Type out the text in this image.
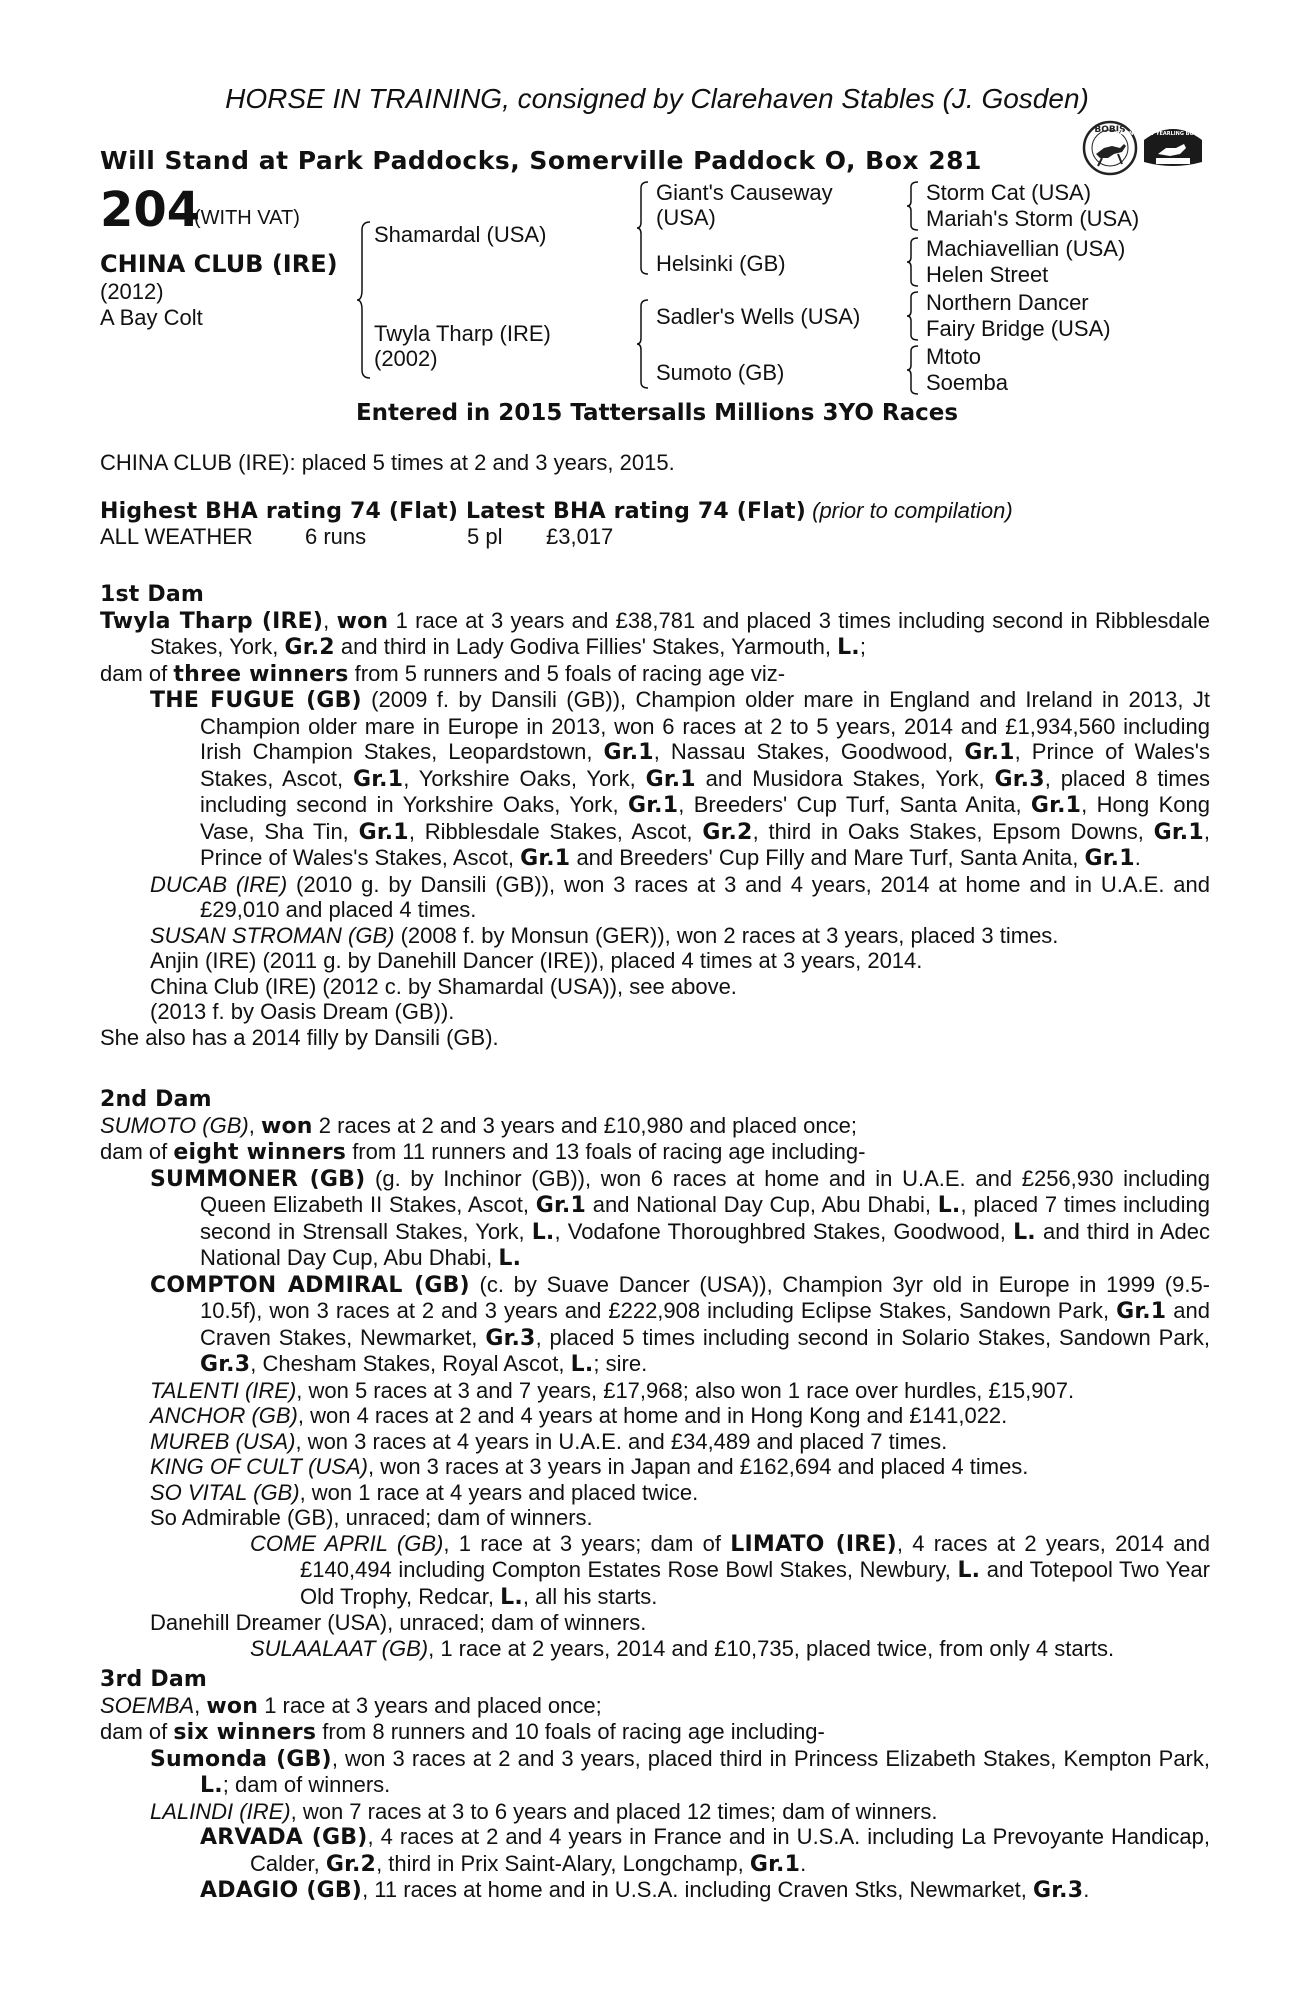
HORSE IN TRAINING, consigned by Clarehaven Stables (J. Gosden)
Will Stand at Park Paddocks, Somerville Paddock O, Box 281
BOBIS
RACING POST YEARLING BONUS £10,000
204
(WITH VAT)
CHINA CLUB (IRE)
(2012)
A Bay Colt
Shamardal (USA)
Twyla Tharp (IRE)
(2002)
Giant's Causeway
(USA)
Helsinki (GB)
Sadler's Wells (USA)
Sumoto (GB)
Storm Cat (USA)
Mariah's Storm (USA)
Machiavellian (USA)
Helen Street
Northern Dancer
Fairy Bridge (USA)
Mtoto
Soemba
Entered in 2015 Tattersalls Millions 3YO Races
CHINA CLUB (IRE): placed 5 times at 2 and 3 years, 2015.
Highest BHA rating 74 (Flat) Latest BHA rating 74 (Flat) (prior to compilation)
ALL WEATHER 6 runs	5 pl £3,017
1st Dam
Twyla Tharp (IRE), won 1 race at 3 years and £38,781 and placed 3 times including second in Ribblesdale Stakes, York, Gr.2 and third in Lady Godiva Fillies' Stakes, Yarmouth, L.;
dam of three winners from 5 runners and 5 foals of racing age viz-
THE FUGUE (GB) (2009 f. by Dansili (GB)), Champion older mare in England and Ireland in 2013, Jt Champion older mare in Europe in 2013, won 6 races at 2 to 5 years, 2014 and £1,934,560 including Irish Champion Stakes, Leopardstown, Gr.1, Nassau Stakes, Goodwood, Gr.1, Prince of Wales's Stakes, Ascot, Gr.1, Yorkshire Oaks, York, Gr.1 and Musidora Stakes, York, Gr.3, placed 8 times including second in Yorkshire Oaks, York, Gr.1, Breeders' Cup Turf, Santa Anita, Gr.1, Hong Kong Vase, Sha Tin, Gr.1, Ribblesdale Stakes, Ascot, Gr.2, third in Oaks Stakes, Epsom Downs, Gr.1, Prince of Wales's Stakes, Ascot, Gr.1 and Breeders' Cup Filly and Mare Turf, Santa Anita, Gr.1.
DUCAB (IRE) (2010 g. by Dansili (GB)), won 3 races at 3 and 4 years, 2014 at home and in U.A.E. and £29,010 and placed 4 times.
SUSAN STROMAN (GB) (2008 f. by Monsun (GER)), won 2 races at 3 years, placed 3 times.
Anjin (IRE) (2011 g. by Danehill Dancer (IRE)), placed 4 times at 3 years, 2014.
China Club (IRE) (2012 c. by Shamardal (USA)), see above.
(2013 f. by Oasis Dream (GB)).
She also has a 2014 filly by Dansili (GB).
2nd Dam
SUMOTO (GB), won 2 races at 2 and 3 years and £10,980 and placed once;
dam of eight winners from 11 runners and 13 foals of racing age including-
SUMMONER (GB) (g. by Inchinor (GB)), won 6 races at home and in U.A.E. and £256,930 including Queen Elizabeth II Stakes, Ascot, Gr.1 and National Day Cup, Abu Dhabi, L., placed 7 times including second in Strensall Stakes, York, L., Vodafone Thoroughbred Stakes, Goodwood, L. and third in Adec National Day Cup, Abu Dhabi, L.
COMPTON ADMIRAL (GB) (c. by Suave Dancer (USA)), Champion 3yr old in Europe in 1999 (9.5-10.5f), won 3 races at 2 and 3 years and £222,908 including Eclipse Stakes, Sandown Park, Gr.1 and Craven Stakes, Newmarket, Gr.3, placed 5 times including second in Solario Stakes, Sandown Park, Gr.3, Chesham Stakes, Royal Ascot, L.; sire.
TALENTI (IRE), won 5 races at 3 and 7 years, £17,968; also won 1 race over hurdles, £15,907.
ANCHOR (GB), won 4 races at 2 and 4 years at home and in Hong Kong and £141,022.
MUREB (USA), won 3 races at 4 years in U.A.E. and £34,489 and placed 7 times.
KING OF CULT (USA), won 3 races at 3 years in Japan and £162,694 and placed 4 times.
SO VITAL (GB), won 1 race at 4 years and placed twice.
So Admirable (GB), unraced; dam of winners.
COME APRIL (GB), 1 race at 3 years; dam of LIMATO (IRE), 4 races at 2 years, 2014 and £140,494 including Compton Estates Rose Bowl Stakes, Newbury, L. and Totepool Two Year Old Trophy, Redcar, L., all his starts.
Danehill Dreamer (USA), unraced; dam of winners.
SULAALAAT (GB), 1 race at 2 years, 2014 and £10,735, placed twice, from only 4 starts.
3rd Dam
SOEMBA, won 1 race at 3 years and placed once;
dam of six winners from 8 runners and 10 foals of racing age including-
Sumonda (GB), won 3 races at 2 and 3 years, placed third in Princess Elizabeth Stakes, Kempton Park, L.; dam of winners.
LALINDI (IRE), won 7 races at 3 to 6 years and placed 12 times; dam of winners.
ARVADA (GB), 4 races at 2 and 4 years in France and in U.S.A. including La Prevoyante Handicap, Calder, Gr.2, third in Prix Saint-Alary, Longchamp, Gr.1.
ADAGIO (GB), 11 races at home and in U.S.A. including Craven Stks, Newmarket, Gr.3.
